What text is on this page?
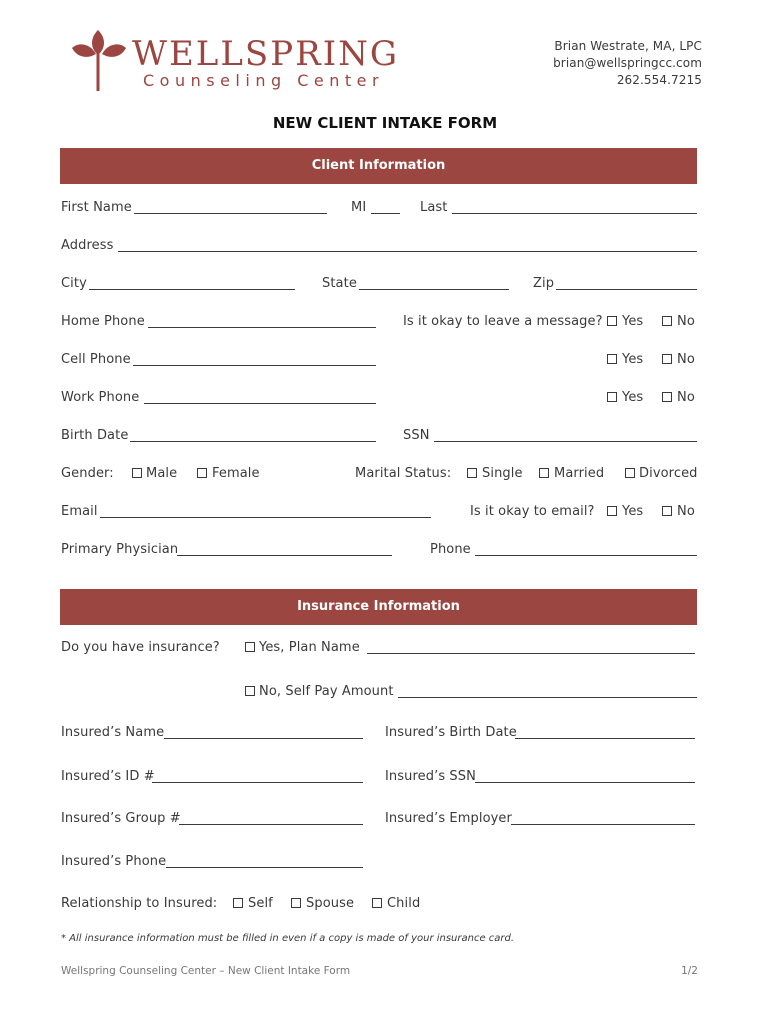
WELLSPRING
Counseling Center
Brian Westrate, MA, LPC
brian@wellspringcc.com
262.554.7215
NEW CLIENT INTAKE FORM
Client Information
First Name	MI	Last
Address
City	State	Zip
Home Phone	Is it okay to leave a message? Yes	No
Cell Phone	Yes	No
Work Phone	Yes	No
Birth Date	SSN
Gender: Male	Female	Marital Status: Single Married	Divorced
Email	Is it okay to email? Yes	No
Primary Physician	Phone
Insurance Information
Do you have insurance?	Yes, Plan Name
No, Self Pay Amount
Insured’s Name	Insured’s Birth Date
Insured’s ID #	Insured’s SSN
Insured’s Group #	Insured’s Employer
Insured’s Phone
Relationship to Insured: Self	Spouse	Child
* All insurance information must be filled in even if a copy is made of your insurance card.
Wellspring Counseling Center – New Client Intake Form	1/2
